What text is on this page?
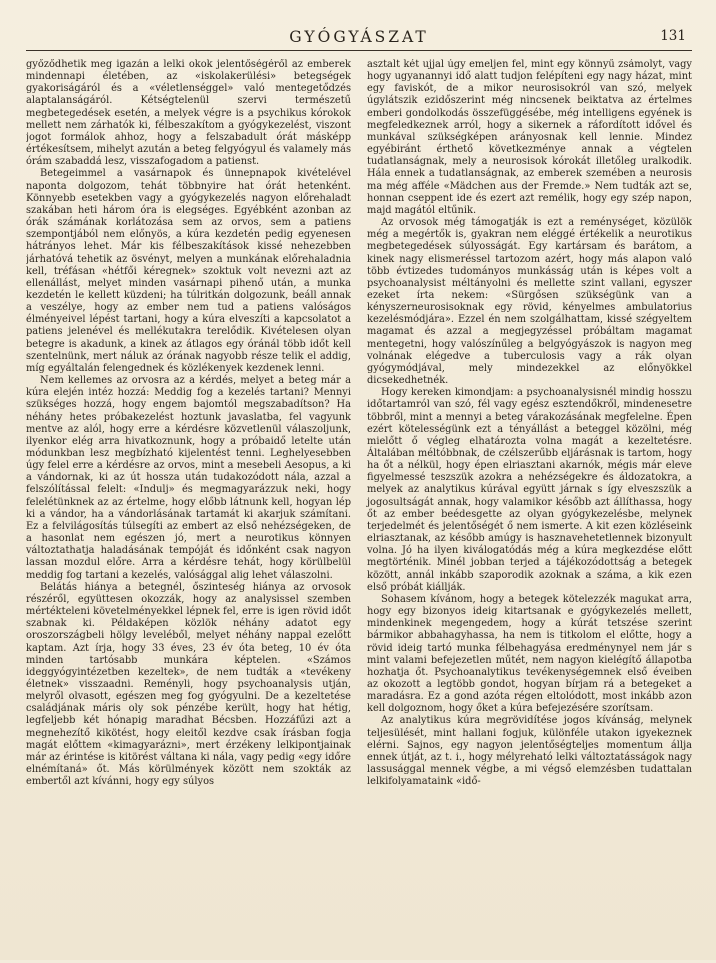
GYÓGYÁSZAT	131

győződhetik meg igazán a lelki okok jelentőségéről az emberek mindennapi életében, az «iskolakerülési» betegségek gyakoriságáról és a «véletlenséggel» való mentegetődzés alaptalanságáról. Kétségtelenül szervi természetű megbetegedések esetén, a melyek végre is a psychikus kórokok mellett nem zárhatók ki, félbeszakítom a gyógykezelést, viszont jogot formálok ahhoz, hogy a felszabadult órát másképp értékesítsem, mihelyt azután a beteg felgyógyul és valamely más órám szabaddá lesz, visszafogadom a patienst.

Betegeimmel a vasárnapok és ünnepnapok kivételével naponta dolgozom, tehát többnyire hat órát hetenként. Könnyebb esetekben vagy a gyógykezelés nagyon előrehaladt szakában heti három óra is elegséges. Egyébként azonban az órák számának korlátozása sem az orvos, sem a patiens szempontjából nem előnyös, a kúra kezdetén pedig egyenesen hátrányos lehet. Már kis félbeszakítások kissé nehezebben járhatóvá tehetik az ösvényt, melyen a munkának előrehaladnia kell, tréfásan «hétfői kéregnek» szoktuk volt nevezni azt az ellenállást, melyet minden vasárnapi pihenő után, a munka kezdetén le kellett küzdeni; ha túlritkán dolgozunk, beáll annak a veszélye, hogy az ember nem tud a patiens valóságos élményeivel lépést tartani, hogy a kúra elveszíti a kapcsolatot a patiens jelenével és mellékutakra terelődik. Kivételesen olyan betegre is akadunk, a kinek az átlagos egy óránál több időt kell szentelnünk, mert náluk az órának nagyobb része telik el addig, míg egyáltalán felengednek és közlékenyek kezdenek lenni.

Nem kellemes az orvosra az a kérdés, melyet a beteg már a kúra elején intéz hozzá: Meddig fog a kezelés tartani? Mennyi szükséges hozzá, hogy engem bajomtól megszabadítson? Ha néhány hetes próbakezelést hoztunk javaslatba, fel vagyunk mentve az alól, hogy erre a kérdésre közvetlenül válaszoljunk, ilyenkor elég arra hivatkoznunk, hogy a próbaidő letelte után módunkban lesz megbízható kijelentést tenni. Leghelyesebben úgy felel erre a kérdésre az orvos, mint a mesebeli Aesopus, a ki a vándornak, ki az út hossza után tudakozódott nála, azzal a felszólítással felelt: «Indulj» és megmagyarázzuk neki, hogy felelétünknek az az értelme, hogy előbb látnunk kell, hogyan lép ki a vándor, ha a vándorlásának tartamát ki akarjuk számítani. Ez a felvilágosítás túlsegíti az embert az első nehézségeken, de a hasonlat nem egészen jó, mert a neurotikus könnyen változtathatja haladásának tempóját és időnként csak nagyon lassan mozdul előre. Arra a kérdésre tehát, hogy körülbelül meddig fog tartani a kezelés, valósággal alig lehet válaszolni.

Belátás hiánya a betegnél, őszinteség hiánya az orvosok részéről, együttesen okozzák, hogy az analysissel szemben mértékteleni követelményekkel lépnek fel, erre is igen rövid időt szabnak ki. Példaképen közlök néhány adatot egy oroszországbeli hölgy leveléből, melyet néhány nappal ezelőtt kaptam. Azt írja, hogy 33 éves, 23 év óta beteg, 10 év óta minden tartósabb munkára képtelen. «Számos ideggyógyintézetben kezeltek», de nem tudták a «tevékeny életnek» visszaadni. Reményli, hogy psychoanalysis utján, melyről olvasott, egészen meg fog gyógyulni. De a kezeltetése családjának máris oly sok pénzébe került, hogy hat hétig, legfeljebb két hónapig maradhat Bécsben. Hozzáfűzi azt a megnehezítő kikötést, hogy eleitől kezdve csak írásban fogja magát előttem «kimagyarázni», mert érzékeny lelkipontjainak már az érintése is kitörést váltana ki nála, vagy pedig «egy időre elnémítaná» őt. Más körülmények között nem szokták az embertől azt kívánni, hogy egy súlyos

asztalt két ujjal úgy emeljen fel, mint egy könnyű zsámolyt, vagy hogy ugyanannyi idő alatt tudjon felépíteni egy nagy házat, mint egy faviskót, de a mikor neurosisokról van szó, melyek úgylátszik ezidőszerint még nincsenek beiktatva az értelmes emberi gondolkodás összefüggésébe, még intelligens egyének is megfeledkeznek arról, hogy a sikernek a ráfordított idővel és munkával szükségképen arányosnak kell lennie. Mindez egyébiránt érthető következménye annak a végtelen tudatlanságnak, mely a neurosisok kórokát illetőleg uralkodik. Hála ennek a tudatlanságnak, az emberek szemében a neurosis ma még afféle «Mädchen aus der Fremde.» Nem tudták azt se, honnan cseppent ide és ezert azt remélik, hogy egy szép napon, majd magától eltűnik.

Az orvosok még támogatják is ezt a reménységet, közülök még a megértők is, gyakran nem eléggé értékelik a neurotikus megbetegedések súlyosságát. Egy kartársam és barátom, a kinek nagy elismeréssel tartozom azért, hogy más alapon való több évtizedes tudományos munkásság után is képes volt a psychoanalysist méltányolni és mellette szint vallani, egyszer ezeket írta nekem: «Sürgősen szükségünk van a kényszerneurosisoknak egy rövid, kényelmes ambulatorius kezelésmódjára». Ezzel én nem szolgálhattam, kissé szégyeltem magamat és azzal a megjegyzéssel próbáltam magamat mentegetni, hogy valószínűleg a belgyógyászok is nagyon meg volnának elégedve a tuberculosis vagy a rák olyan gyógymódjával, mely mindezekkel az előnyökkel dicsekedhetnék.

Hogy kereken kimondjam: a psychoanalysisnél mindig hosszu időtartamról van szó, fél vagy egész esztendőkről, mindenesetre többről, mint a mennyi a beteg várakozásának megfelelne. Épen ezért kötelességünk ezt a tényállást a beteggel közölni, még mielőtt ő végleg elhatározta volna magát a kezeltetésre. Általában méltóbbnak, de czélszerűbb eljárásnak is tartom, hogy ha őt a nélkül, hogy épen elriasztani akarnók, mégis már eleve figyelmessé teszszük azokra a nehézségekre és áldozatokra, a melyek az analytikus kúrával együtt járnak s így elveszszük a jogosultságát annak, hogy valamikor később azt állíthassa, hogy őt az ember beédesgette az olyan gyógykezelésbe, melynek terjedelmét és jelentőségét ő nem ismerte. A kit ezen közléseink elriasztanak, az később amúgy is hasznavehetetlennek bizonyult volna. Jó ha ilyen kiválogatódás még a kúra megkezdése előtt megtörténik. Minél jobban terjed a tájékozódottság a betegek között, annál inkább szaporodik azoknak a száma, a kik ezen első próbát kiállják.

Sohasem kívánom, hogy a betegek kötelezzék magukat arra, hogy egy bizonyos ideig kitartsanak e gyógykezelés mellett, mindenkinek megengedem, hogy a kúrát tetszése szerint bármikor abbahagyhassa, ha nem is titkolom el előtte, hogy a rövid ideig tartó munka félbehagyása eredménynyel nem jár s mint valami befejezetlen műtét, nem nagyon kielégítő állapotba hozhatja őt. Psychoanalytikus tevékenységemnek első éveiben az okozott a legtöbb gondot, hogyan bírjam rá a betegeket a maradásra. Ez a gond azóta régen eltolódott, most inkább azon kell dolgoznom, hogy őket a kúra befejezésére szorítsam.

Az analytikus kúra megrövidítése jogos kívánság, melynek teljesülését, mint hallani fogjuk, különféle utakon igyekeznek elérni. Sajnos, egy nagyon jelentőségteljes momentum állja ennek útját, az t. i., hogy mélyreható lelki változtatásságok nagy lassusággal mennek végbe, a mi végső elemzésben tudattalan lelkifolyamataink «idő-
